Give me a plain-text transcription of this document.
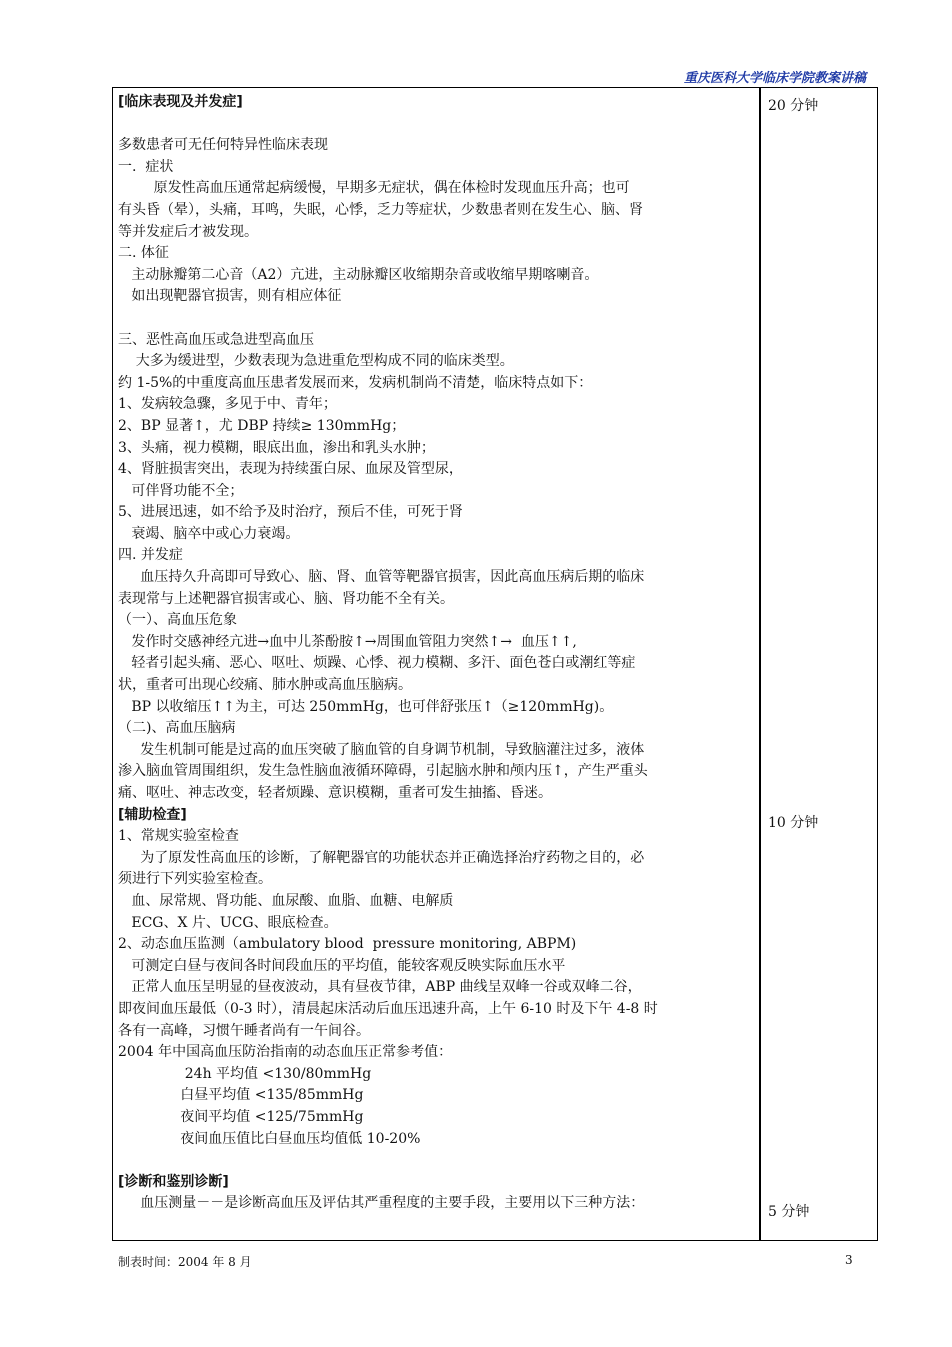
重庆医科大学临床学院教案讲稿
[临床表现及并发症]
多数患者可无任何特异性临床表现
一.  症状
原发性高血压通常起病缓慢，早期多无症状，偶在体检时发现血压升高；也可
有头昏（晕），头痛，耳鸣，失眠，心悸，乏力等症状，少数患者则在发生心、脑、肾
等并发症后才被发现。
二. 体征
主动脉瓣第二心音（A2）亢进，主动脉瓣区收缩期杂音或收缩早期喀喇音。
如出现靶器官损害，则有相应体征
三、恶性高血压或急进型高血压
大多为缓进型，少数表现为急进重危型构成不同的临床类型。
约 1-5%的中重度高血压患者发展而来，发病机制尚不清楚，临床特点如下：
1、发病较急骤，多见于中、青年；
2、BP 显著↑，尤 DBP 持续≥ 130mmHg；
3、头痛，视力模糊，眼底出血，渗出和乳头水肿；
4、肾脏损害突出，表现为持续蛋白尿、血尿及管型尿，
可伴肾功能不全；
5、进展迅速，如不给予及时治疗，预后不佳，可死于肾
衰竭、脑卒中或心力衰竭。
四. 并发症
血压持久升高即可导致心、脑、肾、血管等靶器官损害，因此高血压病后期的临床
表现常与上述靶器官损害或心、脑、肾功能不全有关。
（一）、高血压危象
发作时交感神经亢进→血中儿茶酚胺↑→周围血管阻力突然↑→  血压↑↑,
轻者引起头痛、恶心、呕吐、烦躁、心悸、视力模糊、多汗、面色苍白或潮红等症
状，重者可出现心绞痛、肺水肿或高血压脑病。
BP 以收缩压↑↑为主，可达 250mmHg，也可伴舒张压↑（≥120mmHg)。
（二)、高血压脑病
发生机制可能是过高的血压突破了脑血管的自身调节机制，导致脑灌注过多，液体
渗入脑血管周围组织，发生急性脑血液循环障碍，引起脑水肿和颅内压↑，产生严重头
痛、呕吐、神志改变，轻者烦躁、意识模糊，重者可发生抽搐、昏迷。
[辅助检查]
1、常规实验室检查
为了原发性高血压的诊断，了解靶器官的功能状态并正确选择治疗药物之目的，必
须进行下列实验室检查。
血、尿常规、肾功能、血尿酸、血脂、血糖、电解质
ECG、X 片、UCG、眼底检查。
2、动态血压监测（ambulatory blood  pressure monitoring, ABPM)
可测定白昼与夜间各时间段血压的平均值，能较客观反映实际血压水平
正常人血压呈明显的昼夜波动，具有昼夜节律，ABP 曲线呈双峰一谷或双峰二谷，
即夜间血压最低（0-3 时），清晨起床活动后血压迅速升高，上午 6-10 时及下午 4-8 时
各有一高峰，习惯午睡者尚有一午间谷。
2004 年中国高血压防治指南的动态血压正常参考值：
24h 平均值 <130/80mmHg
白昼平均值 <135/85mmHg
夜间平均值 <125/75mmHg
夜间血压值比白昼血压均值低 10-20%
[诊断和鉴别诊断]
血压测量－－是诊断高血压及评估其严重程度的主要手段，主要用以下三种方法：
20 分钟
10 分钟
5 分钟
制表时间：2004 年 8 月	3
